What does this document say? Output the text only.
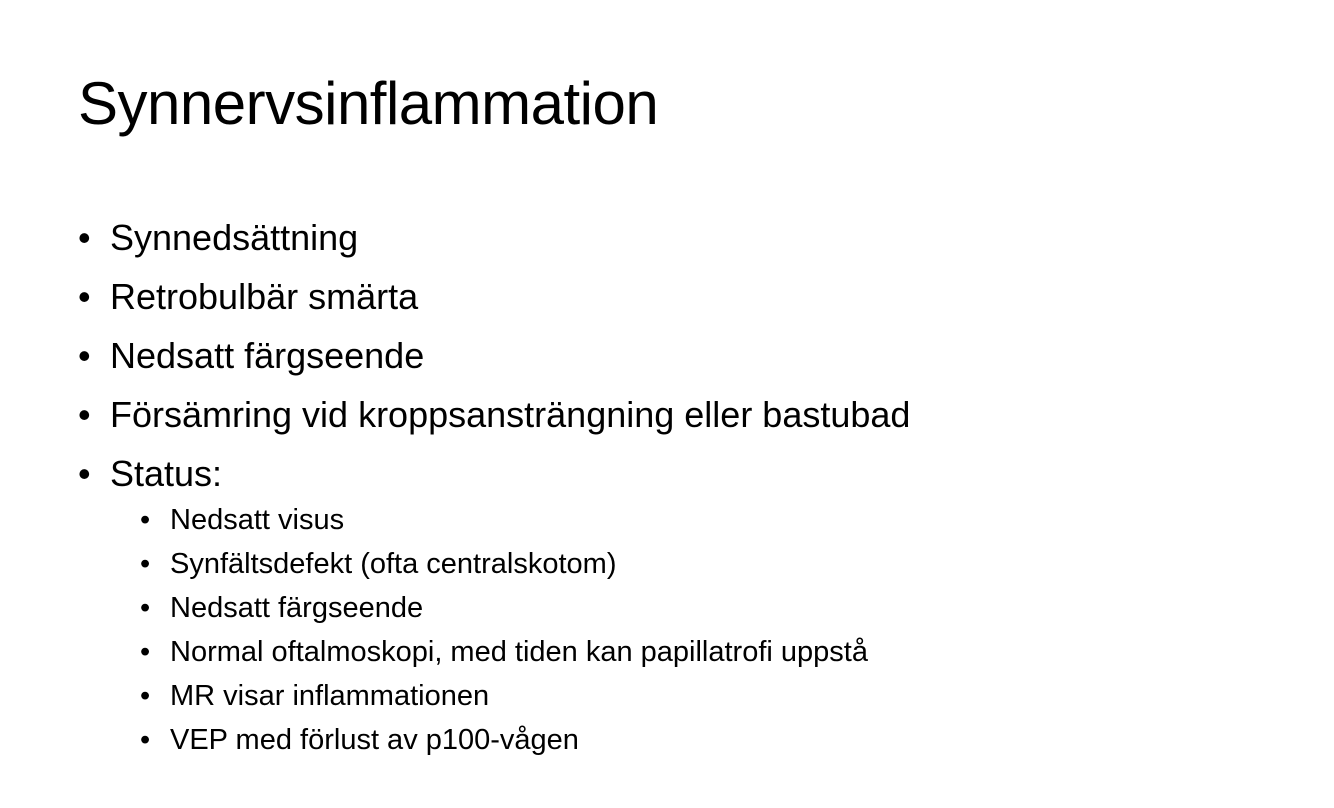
Synnervsinflammation
• Synnedsättning
• Retrobulbär smärta
• Nedsatt färgseende
• Försämring vid kroppsansträngning eller bastubad
• Status:
• Nedsatt visus
• Synfältsdefekt (ofta centralskotom)
• Nedsatt färgseende
• Normal oftalmoskopi, med tiden kan papillatrofi uppstå
• MR visar inflammationen
• VEP med förlust av p100-vågen
